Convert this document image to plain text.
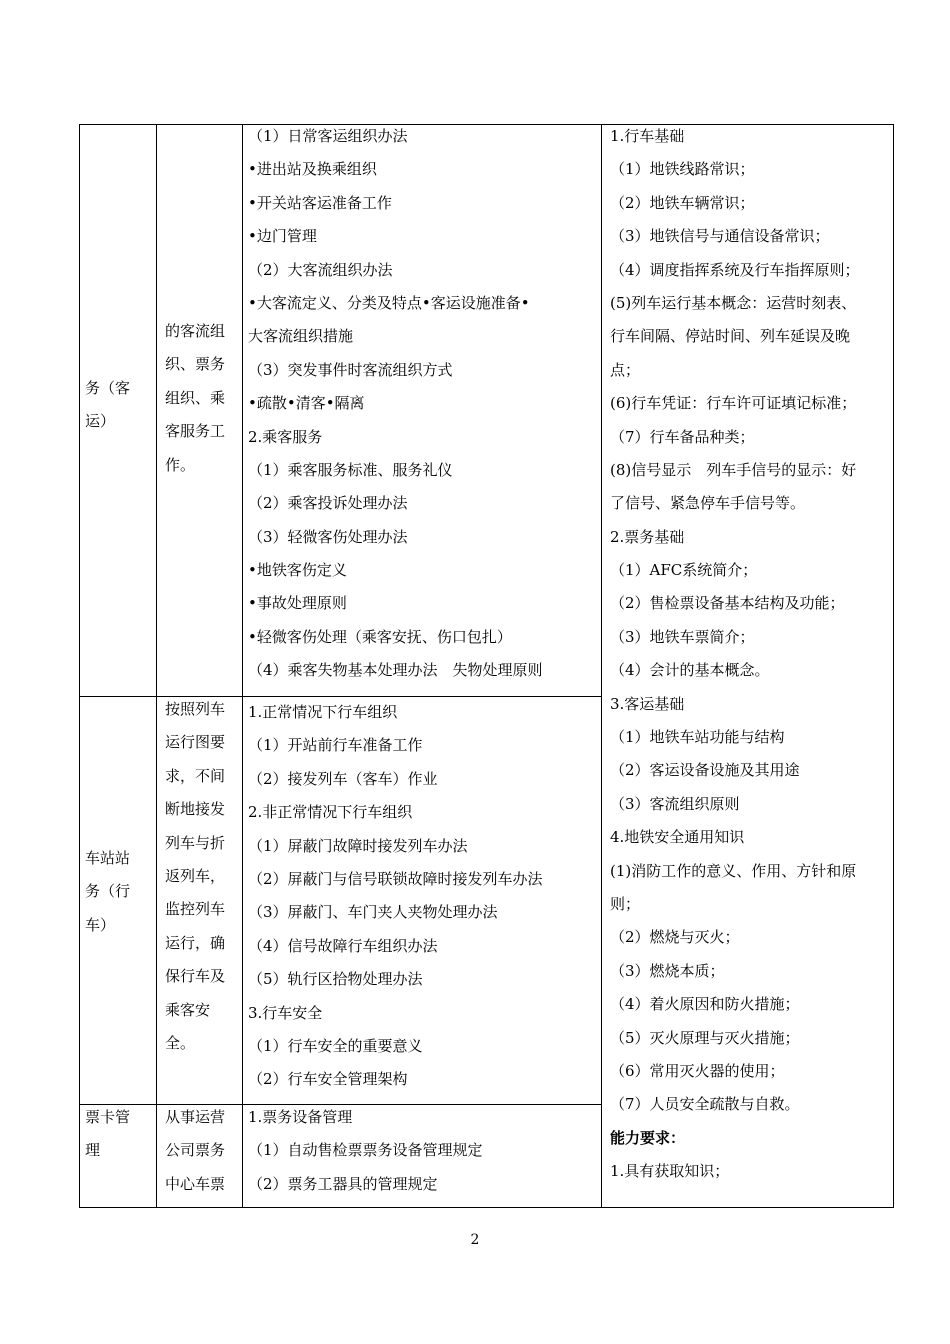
务（客
运）
的客流组
织、票务
组织、乘
客服务工
作。
（1）日常客运组织办法
•进出站及换乘组织
•开关站客运准备工作
•边门管理
（2）大客流组织办法
•大客流定义、分类及特点•客运设施准备•
大客流组织措施
（3）突发事件时客流组织方式
•疏散•清客•隔离
2.乘客服务
（1）乘客服务标准、服务礼仪
（2）乘客投诉处理办法
（3）轻微客伤处理办法
•地铁客伤定义
•事故处理原则
•轻微客伤处理（乘客安抚、伤口包扎）
（4）乘客失物基本处理办法　失物处理原则
车站站
务（行
车）
按照列车
运行图要
求，不间
断地接发
列车与折
返列车，
监控列车
运行，确
保行车及
乘客安
全。
1.正常情况下行车组织
（1）开站前行车准备工作
（2）接发列车（客车）作业
2.非正常情况下行车组织
（1）屏蔽门故障时接发列车办法
（2）屏蔽门与信号联锁故障时接发列车办法
（3）屏蔽门、车门夹人夹物处理办法
（4）信号故障行车组织办法
（5）轨行区拾物处理办法
3.行车安全
（1）行车安全的重要意义
（2）行车安全管理架构
票卡管
理
从事运营
公司票务
中心车票
1.票务设备管理
（1）自动售检票票务设备管理规定
（2）票务工器具的管理规定
1.行车基础
（1）地铁线路常识；
（2）地铁车辆常识；
（3）地铁信号与通信设备常识；
（4）调度指挥系统及行车指挥原则；
(5)列车运行基本概念：运营时刻表、
行车间隔、停站时间、列车延误及晚
点；
(6)行车凭证：行车许可证填记标准；
（7）行车备品种类；
(8)信号显示　列车手信号的显示：好
了信号、紧急停车手信号等。
2.票务基础
（1）AFC系统简介；
（2）售检票设备基本结构及功能；
（3）地铁车票简介；
（4）会计的基本概念。
3.客运基础
（1）地铁车站功能与结构
（2）客运设备设施及其用途
（3）客流组织原则
4.地铁安全通用知识
(1)消防工作的意义、作用、方针和原
则；
（2）燃烧与灭火；
（3）燃烧本质；
（4）着火原因和防火措施；
（5）灭火原理与灭火措施；
（6）常用灭火器的使用；
（7）人员安全疏散与自救。
能力要求：
1.具有获取知识；
2
